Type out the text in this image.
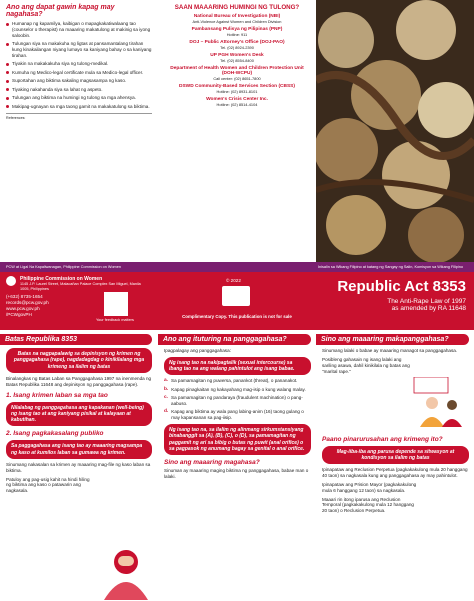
Ano ang dapat gawin kapag may nagahasa?
Humanap ng kapamilya, kaibigan o mapagkakatiwalaang tao (counselor o therapist) na maaaring makatulong at makinig sa iyong saloobin.
Tulungan siya na makakuha ng ligtas at pansamantalang tirahan kung kinakailangan niyang lumayo sa kaniyang bahay o sa kaniyang tirahan.
Tiyakin na makakakuha siya ng tulong-medikal.
Kumuha ng Medico-legal certificate mula sa Medico-legal officer.
Suportahan ang biktima sakaling magsasampa ng kaso.
Tiyaking nakahanda siya sa lahat ng aspeto.
Tulungan ang biktima na humingi ng tulong sa mga ahensya.
Makipag-ugnayan sa mga taong gamit na makakatulong sa biktima.
References:
SAAN MAAARING HUMINGI NG TULONG?
National Bureau of Investigation (NBI)
Anti-Violence Against Women and Children Division
Pambansang Pulisya ng Pilipinas (PNP)
Hotline: 911
DOJ – Public Attorney's Office (DOJ-PAO)
Tel. (02) 8924-2390
UP PGH Women's Desk
Tel. (02) 8554-8400
Department of Health Women and Children Protection Unit (DOH-WCPU)
Call center: (02) 8651-7800
DSWD Community-Based Services Section (CBSS)
Hotline: (02) 8931-8101
Women's Crisis Center Inc.
Hotline: (02) 8514-4104
PCW at Ligal Na Kapaliwanagan, Philippine Commission on Women	Inisalin sa Wikang Filipino at katang ng Sangay ng Salin, Komisyon sa Wikang Filipino
Philippine Commission on Women
1145 J.P. Laurel Street, Malacañan Palace Complex San Miguel, Manila 1005, Philippines
(+632) 8735-1654
records@pcw.gov.ph
www.pcw.gov.ph
/PCWgovPH
Your feedback matters
© 2022
Complimentary Copy. This publication is not for sale
Republic Act 8353
The Anti-Rape Law of 1997
as amended by RA 11648
Batas Republika 8353
Batas na nagpapalawig sa depinisyon ng krimen ng panggagahasa (rape), nagdadagdag o kinikilalang mga krimeng sa ilalim ng batas
Binalangkas ng Batas Laban sa Panggagahasa 1997 na inenmenda ng Batas Republika 11648 ang depinisyon ng panggagahasa (rape).
1. Isang krimen laban sa mga tao
Nilalabag ng panggagahasa ang kapakanan (well-being) ng isang tao at ang kaniyang pisikal at kalayaan at kabutihan.
2. Isang pagkakasalang publiko
Sa paggagahasa ang isang tao ay maaaring magsampa ng kaso at kumilos laban sa gumawa ng krimen.
Sinumang nakasalan sa krimen ay maaaring mag-file ng kaso laban sa biktima.
Patuloy ang pag-usig kahit na hindi hiling ng biktima ang kaso o patawarin ang nagkasala.
Ano ang ituturing na panggagahasa?
Ipagpalagay ang panggagahasa:
Ng isang tao na nakipagtalik (sexual intercourse) sa ibang tao na ang walang pahintulot ang isang babae.
a. Sa pamamagitan ng puwersa, panankot (threat), o pananakot.
b. Kapag pinagkaitan ng kakayahang mag-isip o kung walang malay.
c. Sa pamamagitan ng pandaraya (fraudulent machination) o pang-aabuso.
d. Kapag ang biktima ay wala pang labing-anim (16) taong gulang o may kapansanan sa pag-iisip.
Ng isang tao na, sa ilalim ng alinmang sirkumstansiyang binabanggit sa (A), (B), (C), o (D), sa pamamagitan ng paggamit ng ari sa bibig o butas ng puwit (anal orifice) o sa pagpasok ng anumang bagay sa genital o anal orifice.
Sino ang maaaring magahasa?
Sinuman ay maaaring maging biktima ng panggagahasa, babae man o lalaki.
Sino ang maaaring makapanggahasa?
Sinumang lalaki o babae ay maaaring managot sa panggagahasa.
Posibleng gahasain ng isang lalaki ang sariling asawa, dahil kinikilala ng batas ang "marital rape."
Paano pinarurusahan ang krimeng ito?
Mag-iiba-iba ang parusa depende sa sitwasyon at kondisyon sa ilalim ng batas
Ipinapataw ang Reclusion Perpetua (pagkakakulong mula 20 hanggang 40 taon) sa nagkasala kung ang panggagahasa ay may pahintulot.
Ipinapataw ang Prision Mayor (pagkakakulong mula 6 hanggang 12 taon) sa nagkasala.
Maaari rin itong iparusa ang Reclusion Temporal (pagkakakulong mula 12 hanggang 20 taon) o Reclusion Perpetua.
